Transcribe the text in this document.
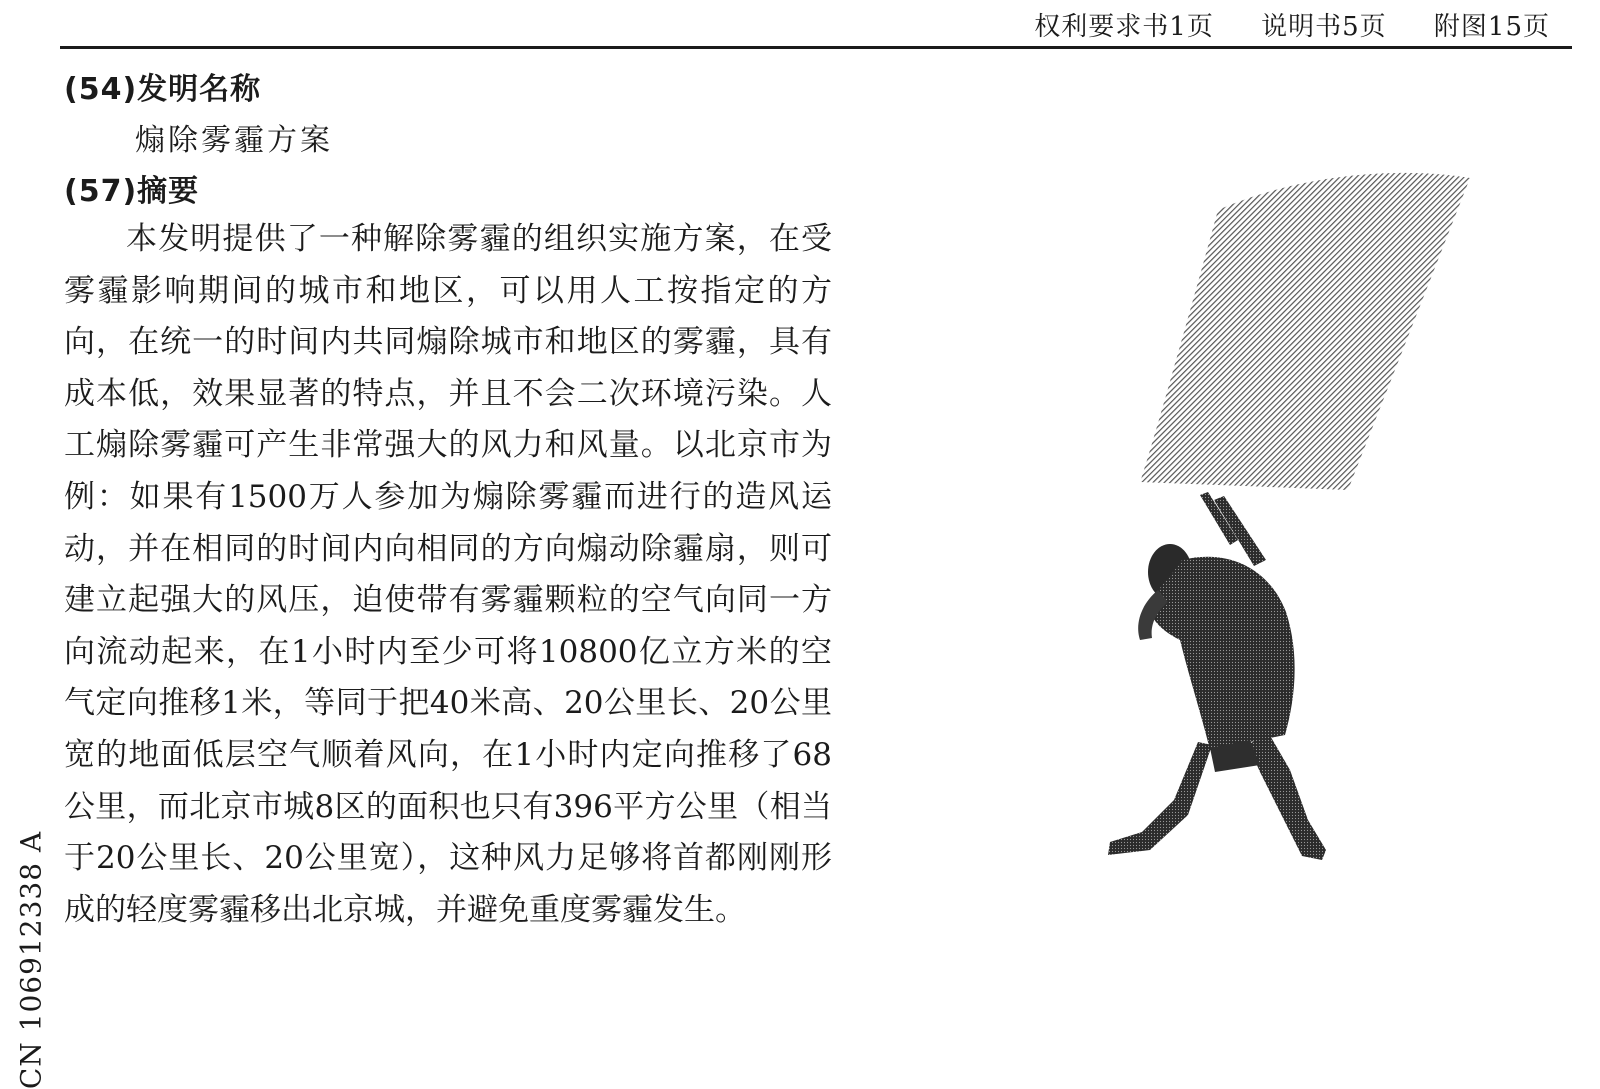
权利要求书1页 说明书5页 附图15页
(54)发明名称
煽除雾霾方案
(57)摘要

本发明提供了一种解除雾霾的组织实施方案，在受雾霾影响期间的城市和地区，可以用人工按指定的方向，在统一的时间内共同煽除城市和地区的雾霾，具有成本低，效果显著的特点，并且不会二次环境污染。人工煽除雾霾可产生非常强大的风力和风量。以北京市为例：如果有1500万人参加为煽除雾霾而进行的造风运动，并在相同的时间内向相同的方向煽动除霾扇，则可建立起强大的风压，迫使带有雾霾颗粒的空气向同一方向流动起来，在1小时内至少可将10800亿立方米的空气定向推移1米，等同于把40米高、20公里长、20公里宽的地面低层空气顺着风向，在1小时内定向推移了68公里，而北京市城8区的面积也只有396平方公里（相当于20公里长、20公里宽），这种风力足够将首都刚刚形成的轻度雾霾移出北京城，并避免重度雾霾发生。

CN 106912338 A
